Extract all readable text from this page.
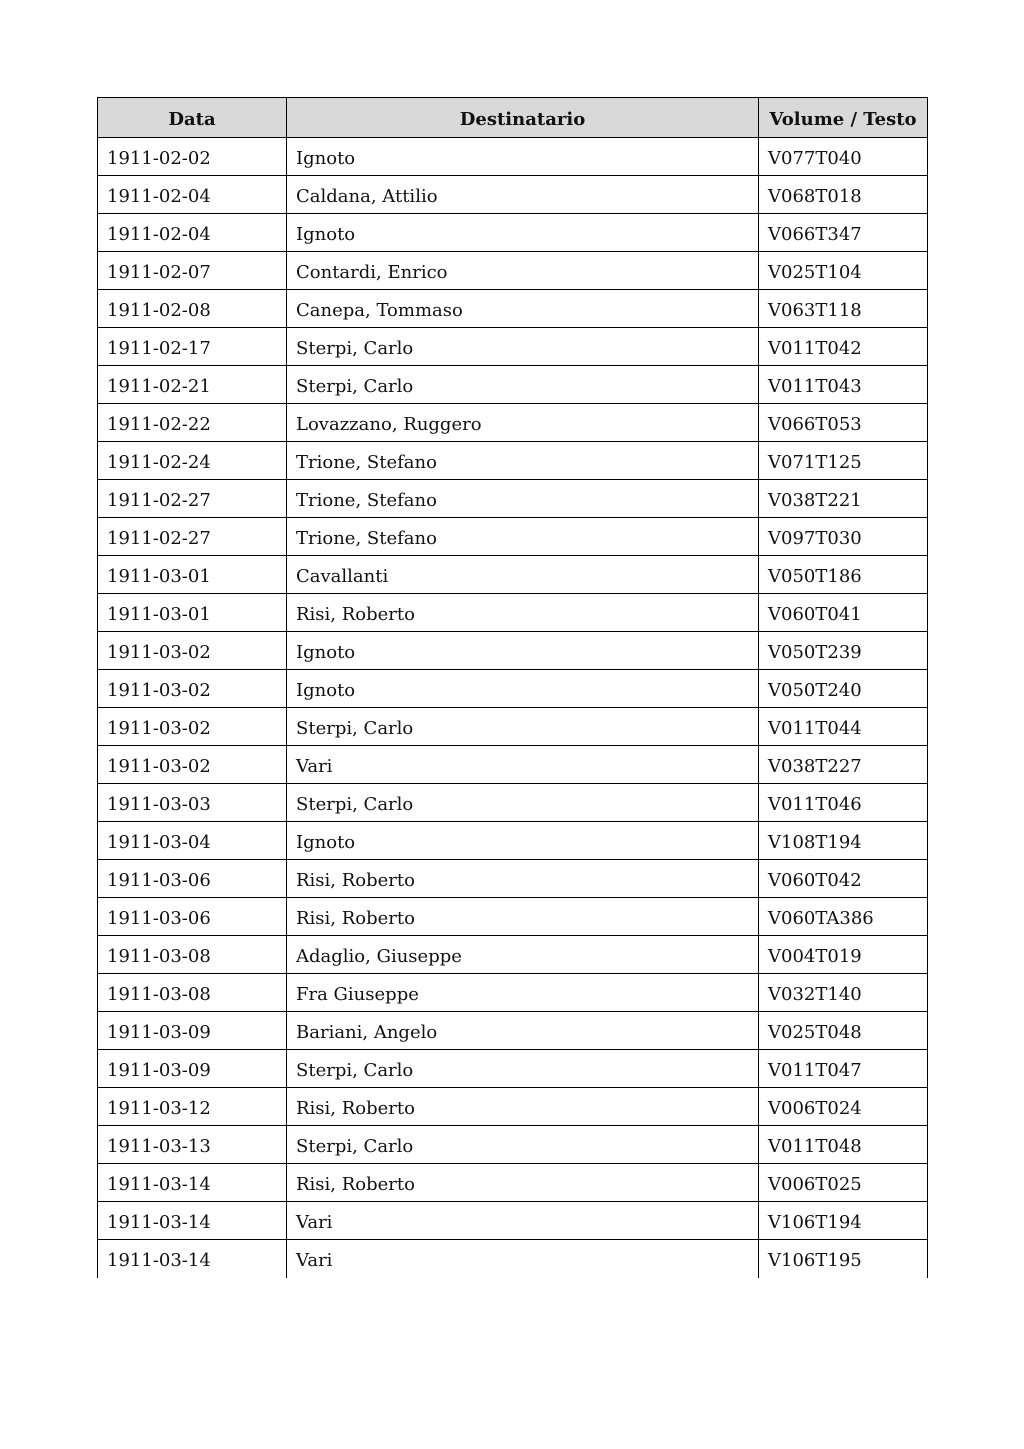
Data	Destinatario	Volume / Testo
1911-02-02	Ignoto	V077T040
1911-02-04	Caldana, Attilio	V068T018
1911-02-04	Ignoto	V066T347
1911-02-07	Contardi, Enrico	V025T104
1911-02-08	Canepa, Tommaso	V063T118
1911-02-17	Sterpi, Carlo	V011T042
1911-02-21	Sterpi, Carlo	V011T043
1911-02-22	Lovazzano, Ruggero	V066T053
1911-02-24	Trione, Stefano	V071T125
1911-02-27	Trione, Stefano	V038T221
1911-02-27	Trione, Stefano	V097T030
1911-03-01	Cavallanti	V050T186
1911-03-01	Risi, Roberto	V060T041
1911-03-02	Ignoto	V050T239
1911-03-02	Ignoto	V050T240
1911-03-02	Sterpi, Carlo	V011T044
1911-03-02	Vari	V038T227
1911-03-03	Sterpi, Carlo	V011T046
1911-03-04	Ignoto	V108T194
1911-03-06	Risi, Roberto	V060T042
1911-03-06	Risi, Roberto	V060TA386
1911-03-08	Adaglio, Giuseppe	V004T019
1911-03-08	Fra Giuseppe	V032T140
1911-03-09	Bariani, Angelo	V025T048
1911-03-09	Sterpi, Carlo	V011T047
1911-03-12	Risi, Roberto	V006T024
1911-03-13	Sterpi, Carlo	V011T048
1911-03-14	Risi, Roberto	V006T025
1911-03-14	Vari	V106T194
1911-03-14	Vari	V106T195
